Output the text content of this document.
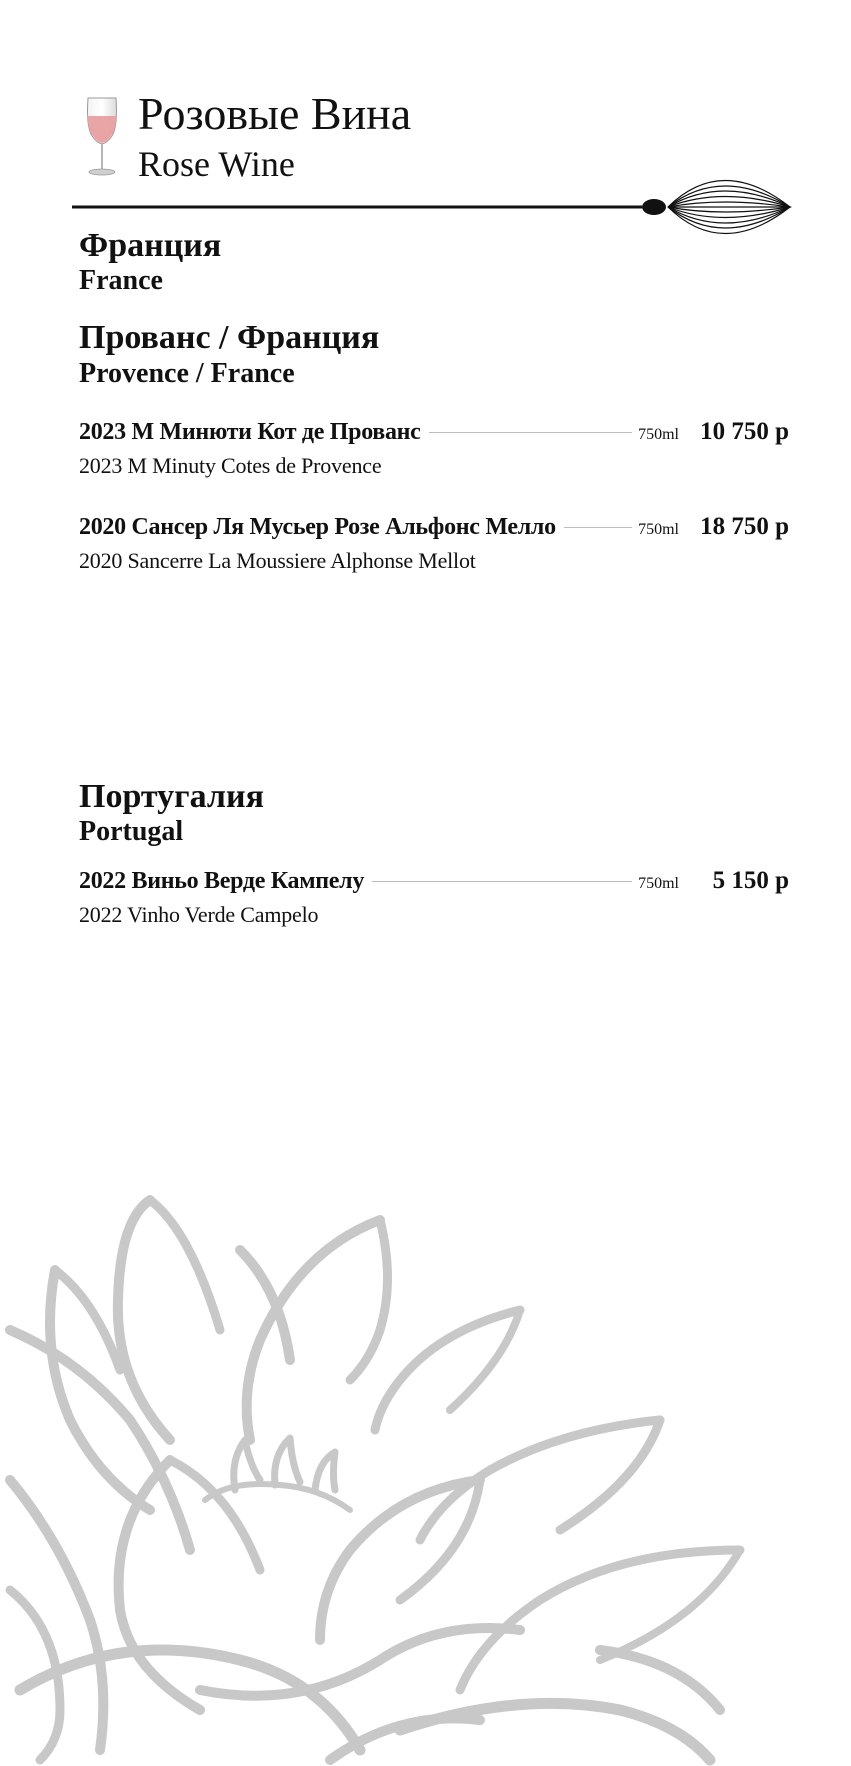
Розовые Вина
Rose Wine
Франция
France
Прованс / Франция
Provence / France
2023 M Минюти Кот де Прованс	750ml 10 750 р
2023 M Minuty Cotes de Provence
2020 Сансер Ля Мусьер Розе Альфонс Мелло	750ml 18 750 р
2020 Sancerre La Moussiere Alphonse Mellot
Португалия
Portugal
2022 Виньо Верде Кампелу	750ml	5 150 р
2022 Vinho Verde Campelo
